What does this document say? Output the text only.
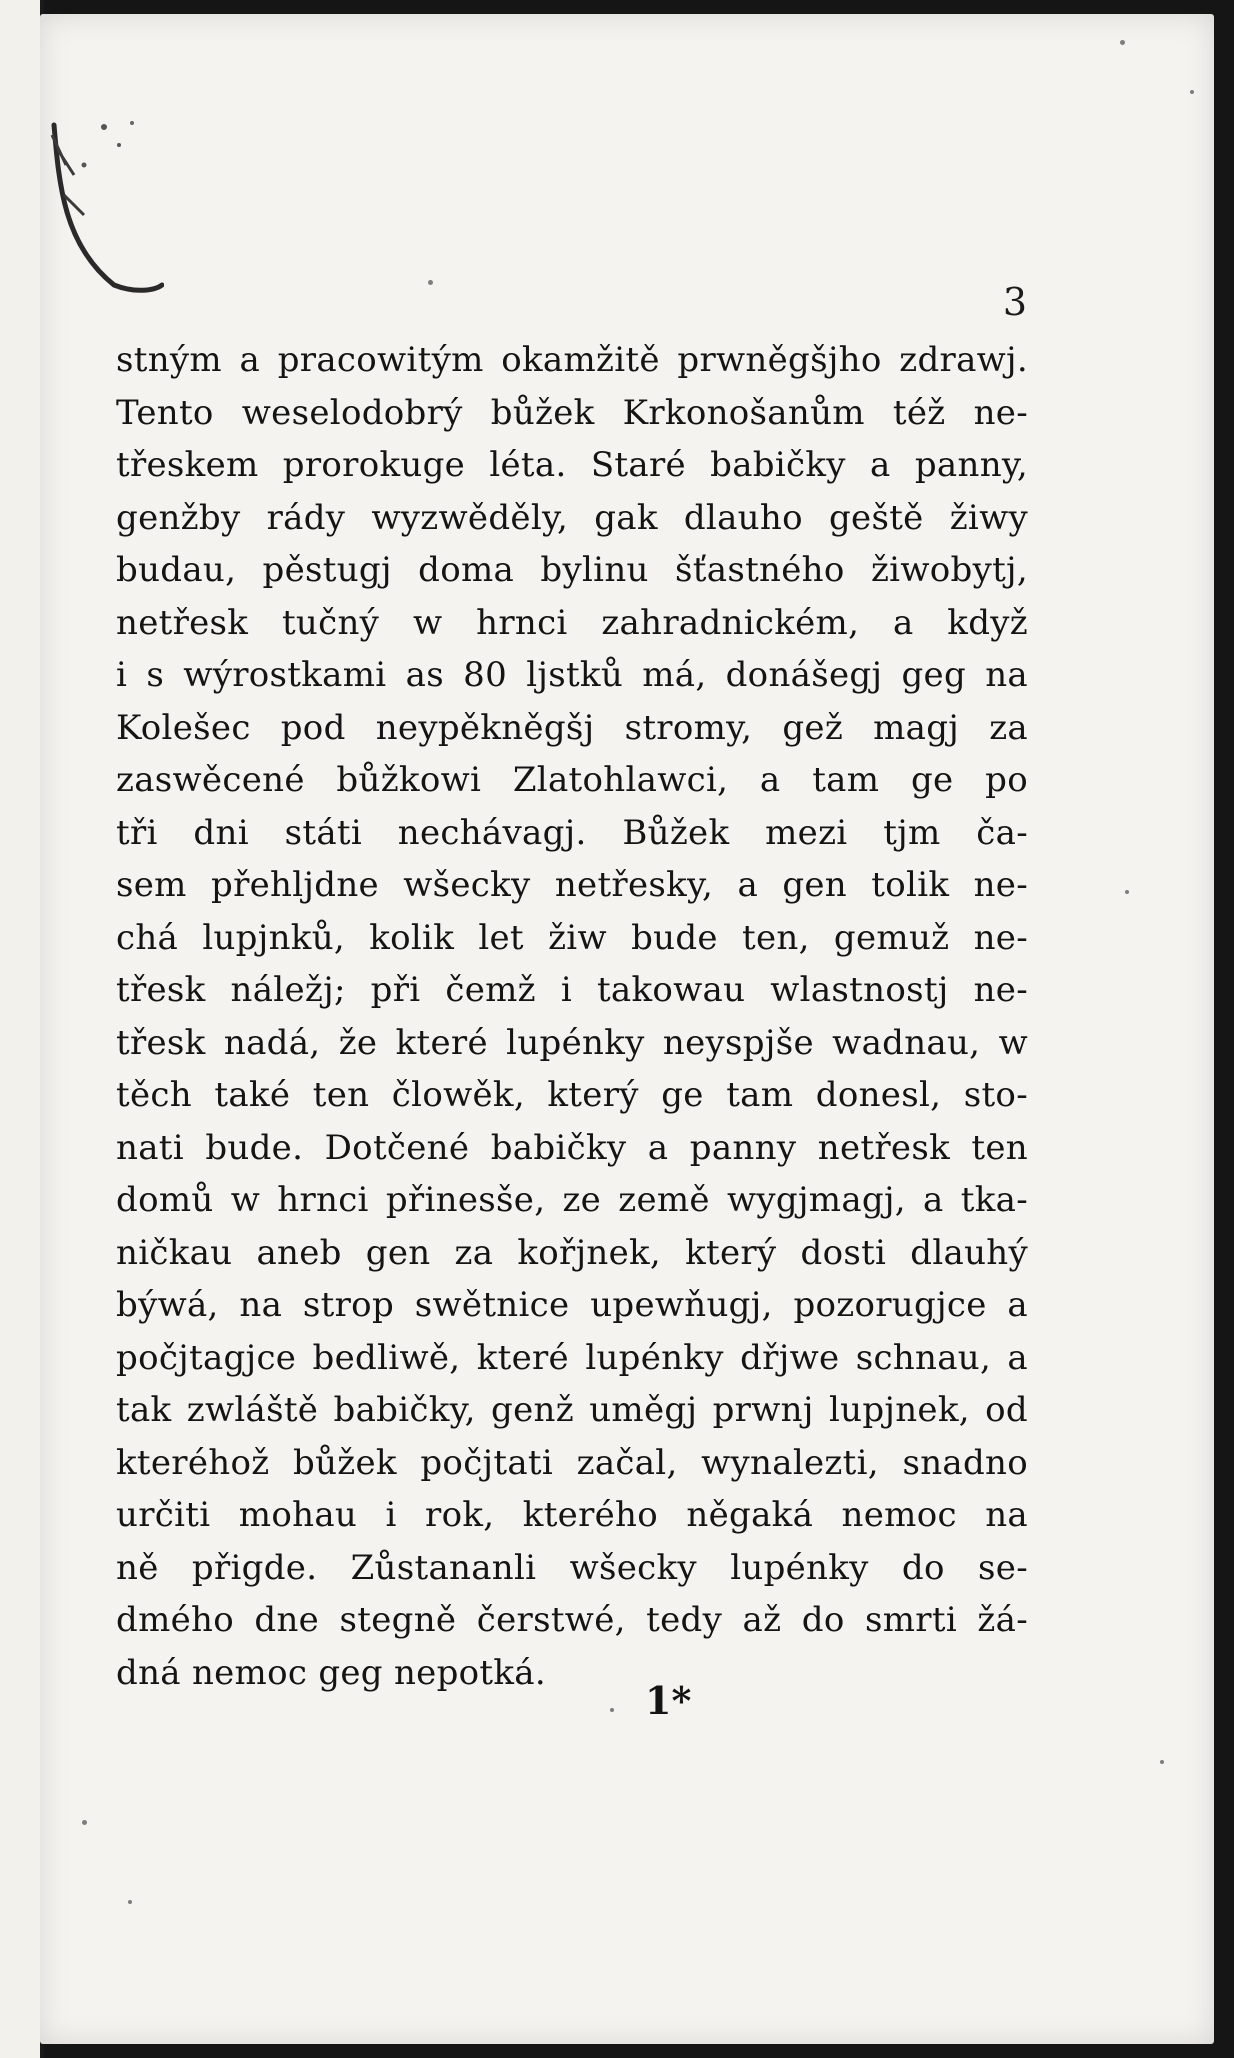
3
stným a pracowitým okamžitě prwněgšjho zdrawj.
Tento weselodobrý bůžek Krkonošanům též ne-
třeskem prorokuge léta. Staré babičky a panny,
genžby rády wyzwěděly, gak dlauho geště žiwy
budau, pěstugj doma bylinu šťastného žiwobytj,
netřesk tučný w hrnci zahradnickém, a když
i s wýrostkami as 80 ljstků má, donášegj geg na
Kolešec pod neypěkněgšj stromy, gež magj za
zaswěcené bůžkowi Zlatohlawci, a tam ge po
tři dni státi nechávagj. Bůžek mezi tjm ča-
sem přehljdne wšecky netřesky, a gen tolik ne-
chá lupjnků, kolik let žiw bude ten, gemuž ne-
třesk náležj; při čemž i takowau wlastnostj ne-
třesk nadá, že které lupénky neyspjše wadnau, w
těch také ten člowěk, který ge tam donesl, sto-
nati bude. Dotčené babičky a panny netřesk ten
domů w hrnci přinesše, ze země wygjmagj, a tka-
ničkau aneb gen za kořjnek, který dosti dlauhý
býwá, na strop swětnice upewňugj, pozorugjce a
počjtagjce bedliwě, které lupénky dřjwe schnau, a
tak zwláště babičky, genž uměgj prwnj lupjnek, od
kteréhož bůžek počjtati začal, wynalezti, snadno
určiti mohau i rok, kterého něgaká nemoc na
ně přigde. Zůstananli wšecky lupénky do se-
dmého dne stegně čerstwé, tedy až do smrti žá-
dná nemoc geg nepotká.
1*
